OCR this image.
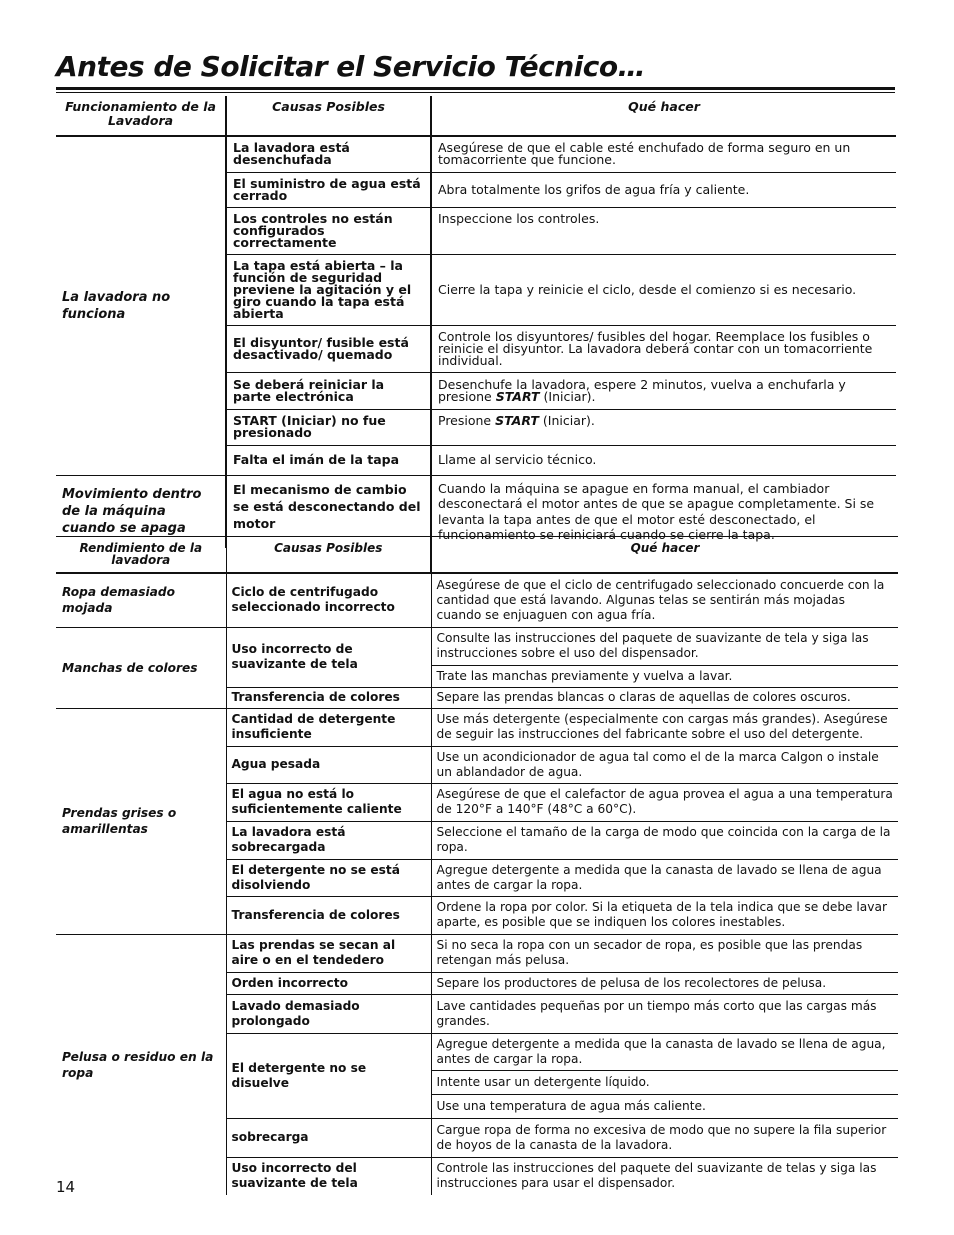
Antes de Solicitar el Servicio Técnico…
Funcionamiento de la Lavadora	Causas Posibles	Qué hacer
La lavadora no funciona	La lavadora está desenchufada	Asegúrese de que el cable esté enchufado de forma seguro en un tomacorriente que funcione.
	El suministro de agua está cerrado	Abra totalmente los grifos de agua fría y caliente.
	Los controles no están configurados correctamente	Inspeccione los controles.
	La tapa está abierta – la función de seguridad previene la agitación y el giro cuando la tapa está abierta	Cierre la tapa y reinicie el ciclo, desde el comienzo si es necesario.
	El disyuntor/ fusible está desactivado/ quemado	Controle los disyuntores/ fusibles del hogar. Reemplace los fusibles o reinicie el disyuntor. La lavadora deberá contar con un tomacorriente individual.
	Se deberá reiniciar la parte electrónica	Desenchufe la lavadora, espere 2 minutos, vuelva a enchufarla y presione START (Iniciar).
	START (Iniciar) no fue presionado	Presione START (Iniciar).
	Falta el imán de la tapa	Llame al servicio técnico.
Movimiento dentro de la máquina cuando se apaga	El mecanismo de cambio se está desconectando del motor	Cuando la máquina se apague en forma manual, el cambiador desconectará el motor antes de que se apague completamente. Si se levanta la tapa antes de que el motor esté desconectado, el funcionamiento se reiniciará cuando se cierre la tapa.
Rendimiento de la lavadora	Causas Posibles	Qué hacer
Ropa demasiado mojada	Ciclo de centrifugado seleccionado incorrecto	Asegúrese de que el ciclo de centrifugado seleccionado concuerde con la cantidad que está lavando. Algunas telas se sentirán más mojadas cuando se enjuaguen con agua fría.
Manchas de colores	Uso incorrecto de suavizante de tela	Consulte las instrucciones del paquete de suavizante de tela y siga las instrucciones sobre el uso del dispensador.
		Trate las manchas previamente y vuelva a lavar.
	Transferencia de colores	Separe las prendas blancas o claras de aquellas de colores oscuros.
Prendas grises o amarillentas	Cantidad de detergente insuficiente	Use más detergente (especialmente con cargas más grandes). Asegúrese de seguir las instrucciones del fabricante sobre el uso del detergente.
	Agua pesada	Use un acondicionador de agua tal como el de la marca Calgon o instale un ablandador de agua.
	El agua no está lo suficientemente caliente	Asegúrese de que el calefactor de agua provea el agua a una temperatura de 120°F a 140°F (48°C a 60°C).
	La lavadora está sobrecargada	Seleccione el tamaño de la carga de modo que coincida con la carga de la ropa.
	El detergente no se está disolviendo	Agregue detergente a medida que la canasta de lavado se llena de agua antes de cargar la ropa.
	Transferencia de colores	Ordene la ropa por color. Si la etiqueta de la tela indica que se debe lavar aparte, es posible que se indiquen los colores inestables.
Pelusa o residuo en la ropa	Las prendas se secan al aire o en el tendedero	Si no seca la ropa con un secador de ropa, es posible que las prendas retengan más pelusa.
	Orden incorrecto	Separe los productores de pelusa de los recolectores de pelusa.
	Lavado demasiado prolongado	Lave cantidades pequeñas por un tiempo más corto que las cargas más grandes.
	El detergente no se disuelve	Agregue detergente a medida que la canasta de lavado se llena de agua, antes de cargar la ropa.
		Intente usar un detergente líquido.
		Use una temperatura de agua más caliente.
	sobrecarga	Cargue ropa de forma no excesiva de modo que no supere la fila superior de hoyos de la canasta de la lavadora.
	Uso incorrecto del suavizante de tela	Controle las instrucciones del paquete del suavizante de telas y siga las instrucciones para usar el dispensador.
14
